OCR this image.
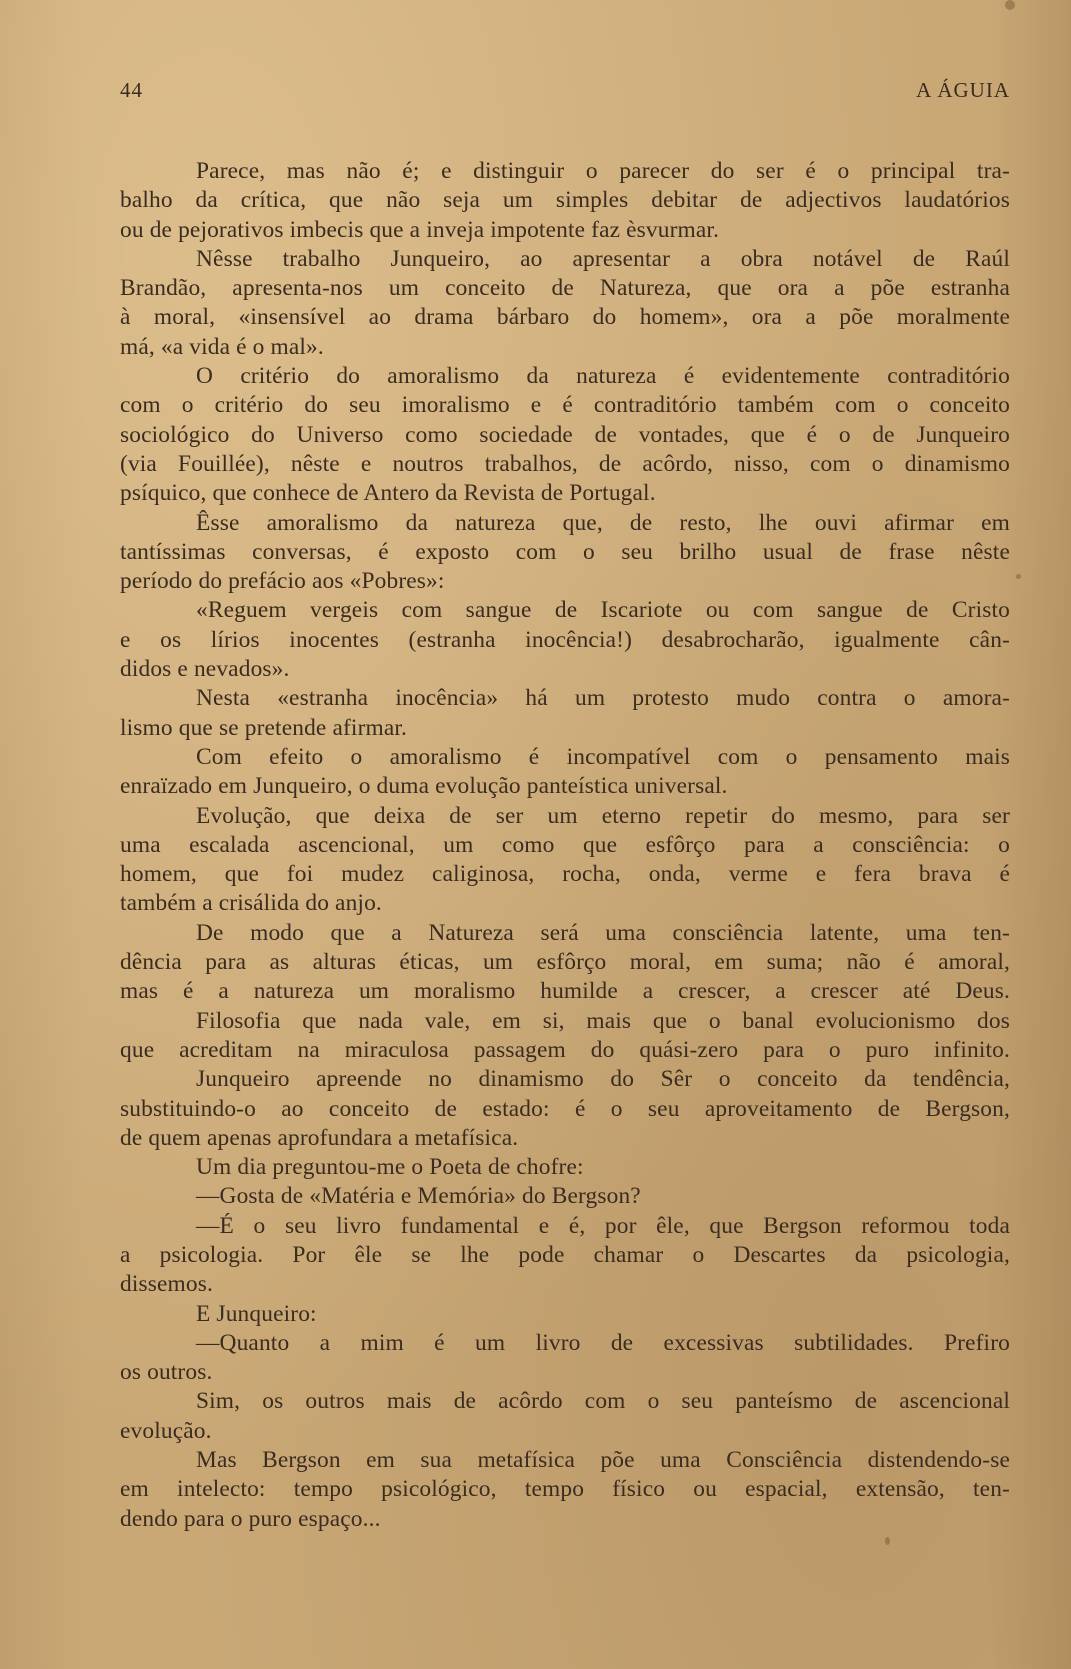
44	A ÁGUIA
Parece, mas não é; e distinguir o parecer do ser é o principal tra-
balho da crítica, que não seja um simples debitar de adjectivos laudatórios
ou de pejorativos imbecis que a inveja impotente faz èsvurmar.
Nêsse trabalho Junqueiro, ao apresentar a obra notável de Raúl
Brandão, apresenta-nos um conceito de Natureza, que ora a põe estranha
à moral, «insensível ao drama bárbaro do homem», ora a põe moralmente
má, «a vida é o mal».
O critério do amoralismo da natureza é evidentemente contraditório
com o critério do seu imoralismo e é contraditório também com o conceito
sociológico do Universo como sociedade de vontades, que é o de Junqueiro
(via Fouillée), nêste e noutros trabalhos, de acôrdo, nisso, com o dinamismo
psíquico, que conhece de Antero da Revista de Portugal.
Êsse amoralismo da natureza que, de resto, lhe ouvi afirmar em
tantíssimas conversas, é exposto com o seu brilho usual de frase nêste
período do prefácio aos «Pobres»:
«Reguem vergeis com sangue de Iscariote ou com sangue de Cristo
e os lírios inocentes (estranha inocência!) desabrocharão, igualmente cân-
didos e nevados».
Nesta «estranha inocência» há um protesto mudo contra o amora-
lismo que se pretende afirmar.
Com efeito o amoralismo é incompatível com o pensamento mais
enraïzado em Junqueiro, o duma evolução panteística universal.
Evolução, que deixa de ser um eterno repetir do mesmo, para ser
uma escalada ascencional, um como que esfôrço para a consciência: o
homem, que foi mudez caliginosa, rocha, onda, verme e fera brava é
também a crisálida do anjo.
De modo que a Natureza será uma consciência latente, uma ten-
dência para as alturas éticas, um esfôrço moral, em suma; não é amoral,
mas é a natureza um moralismo humilde a crescer, a crescer até Deus.
Filosofia que nada vale, em si, mais que o banal evolucionismo dos
que acreditam na miraculosa passagem do quási-zero para o puro infinito.
Junqueiro apreende no dinamismo do Sêr o conceito da tendência,
substituindo-o ao conceito de estado: é o seu aproveitamento de Bergson,
de quem apenas aprofundara a metafísica.
Um dia preguntou-me o Poeta de chofre:
—Gosta de «Matéria e Memória» do Bergson?
—É o seu livro fundamental e é, por êle, que Bergson reformou toda
a psicologia. Por êle se lhe pode chamar o Descartes da psicologia,
dissemos.
E Junqueiro:
—Quanto a mim é um livro de excessivas subtilidades. Prefiro
os outros.
Sim, os outros mais de acôrdo com o seu panteísmo de ascencional
evolução.
Mas Bergson em sua metafísica põe uma Consciência distendendo-se
em intelecto: tempo psicológico, tempo físico ou espacial, extensão, ten-
dendo para o puro espaço...
